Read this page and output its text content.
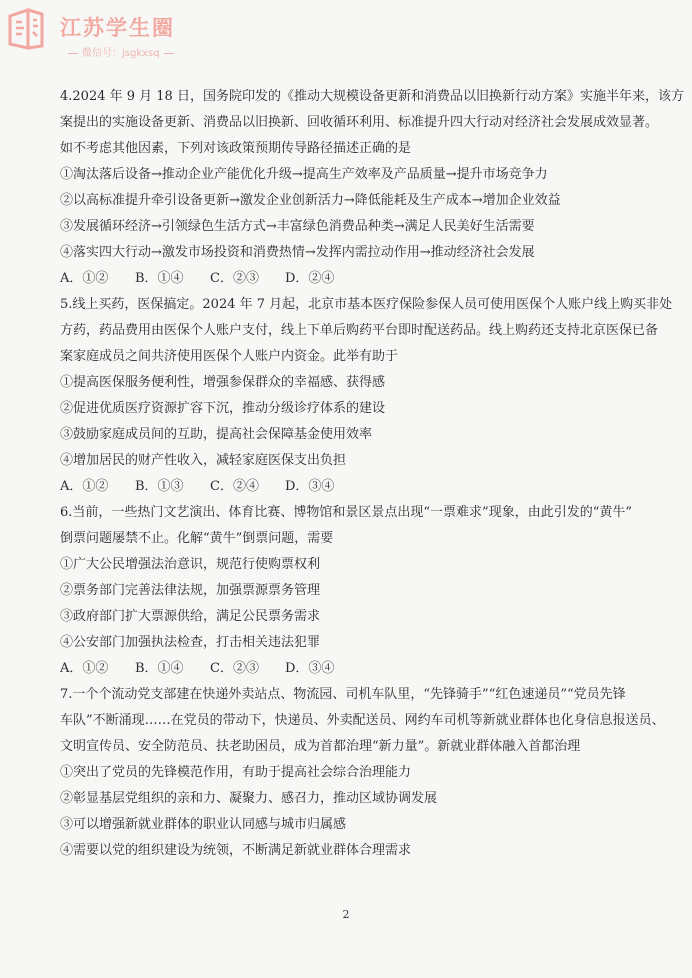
江苏学生圈
微信号：jsgkxsq
4.2024 年 9 月 18 日，国务院印发的《推动大规模设备更新和消费品以旧换新行动方案》实施半年来，该方
案提出的实施设备更新、消费品以旧换新、回收循环利用、标准提升四大行动对经济社会发展成效显著。
如不考虑其他因素，下列对该政策预期传导路径描述正确的是
①淘汰落后设备→推动企业产能优化升级→提高生产效率及产品质量→提升市场竞争力
②以高标准提升牵引设备更新→激发企业创新活力→降低能耗及生产成本→增加企业效益
③发展循环经济→引领绿色生活方式→丰富绿色消费品种类→满足人民美好生活需要
④落实四大行动→激发市场投资和消费热情→发挥内需拉动作用→推动经济社会发展
A．①②	B．①④	C．②③	D．②④
5.线上买药，医保搞定。2024 年 7 月起，北京市基本医疗保险参保人员可使用医保个人账户线上购买非处
方药，药品费用由医保个人账户支付，线上下单后购药平台即时配送药品。线上购药还支持北京医保已备
案家庭成员之间共济使用医保个人账户内资金。此举有助于
①提高医保服务便利性，增强参保群众的幸福感、获得感
②促进优质医疗资源扩容下沉，推动分级诊疗体系的建设
③鼓励家庭成员间的互助，提高社会保障基金使用效率
④增加居民的财产性收入，减轻家庭医保支出负担
A．①②	B．①③	C．②④	D．③④
6.当前，一些热门文艺演出、体育比赛、博物馆和景区景点出现“一票难求”现象，由此引发的“黄牛”
倒票问题屡禁不止。化解“黄牛”倒票问题，需要
①广大公民增强法治意识，规范行使购票权利
②票务部门完善法律法规，加强票源票务管理
③政府部门扩大票源供给，满足公民票务需求
④公安部门加强执法检查，打击相关违法犯罪
A．①②	B．①④	C．②③	D．③④
7.一个个流动党支部建在快递外卖站点、物流园、司机车队里，“先锋骑手”“红色速递员”“党员先锋
车队”不断涌现……在党员的带动下，快递员、外卖配送员、网约车司机等新就业群体也化身信息报送员、
文明宣传员、安全防范员、扶老助困员，成为首都治理“新力量”。新就业群体融入首都治理
①突出了党员的先锋模范作用，有助于提高社会综合治理能力
②彰显基层党组织的亲和力、凝聚力、感召力，推动区域协调发展
③可以增强新就业群体的职业认同感与城市归属感
④需要以党的组织建设为统领，不断满足新就业群体合理需求
2
